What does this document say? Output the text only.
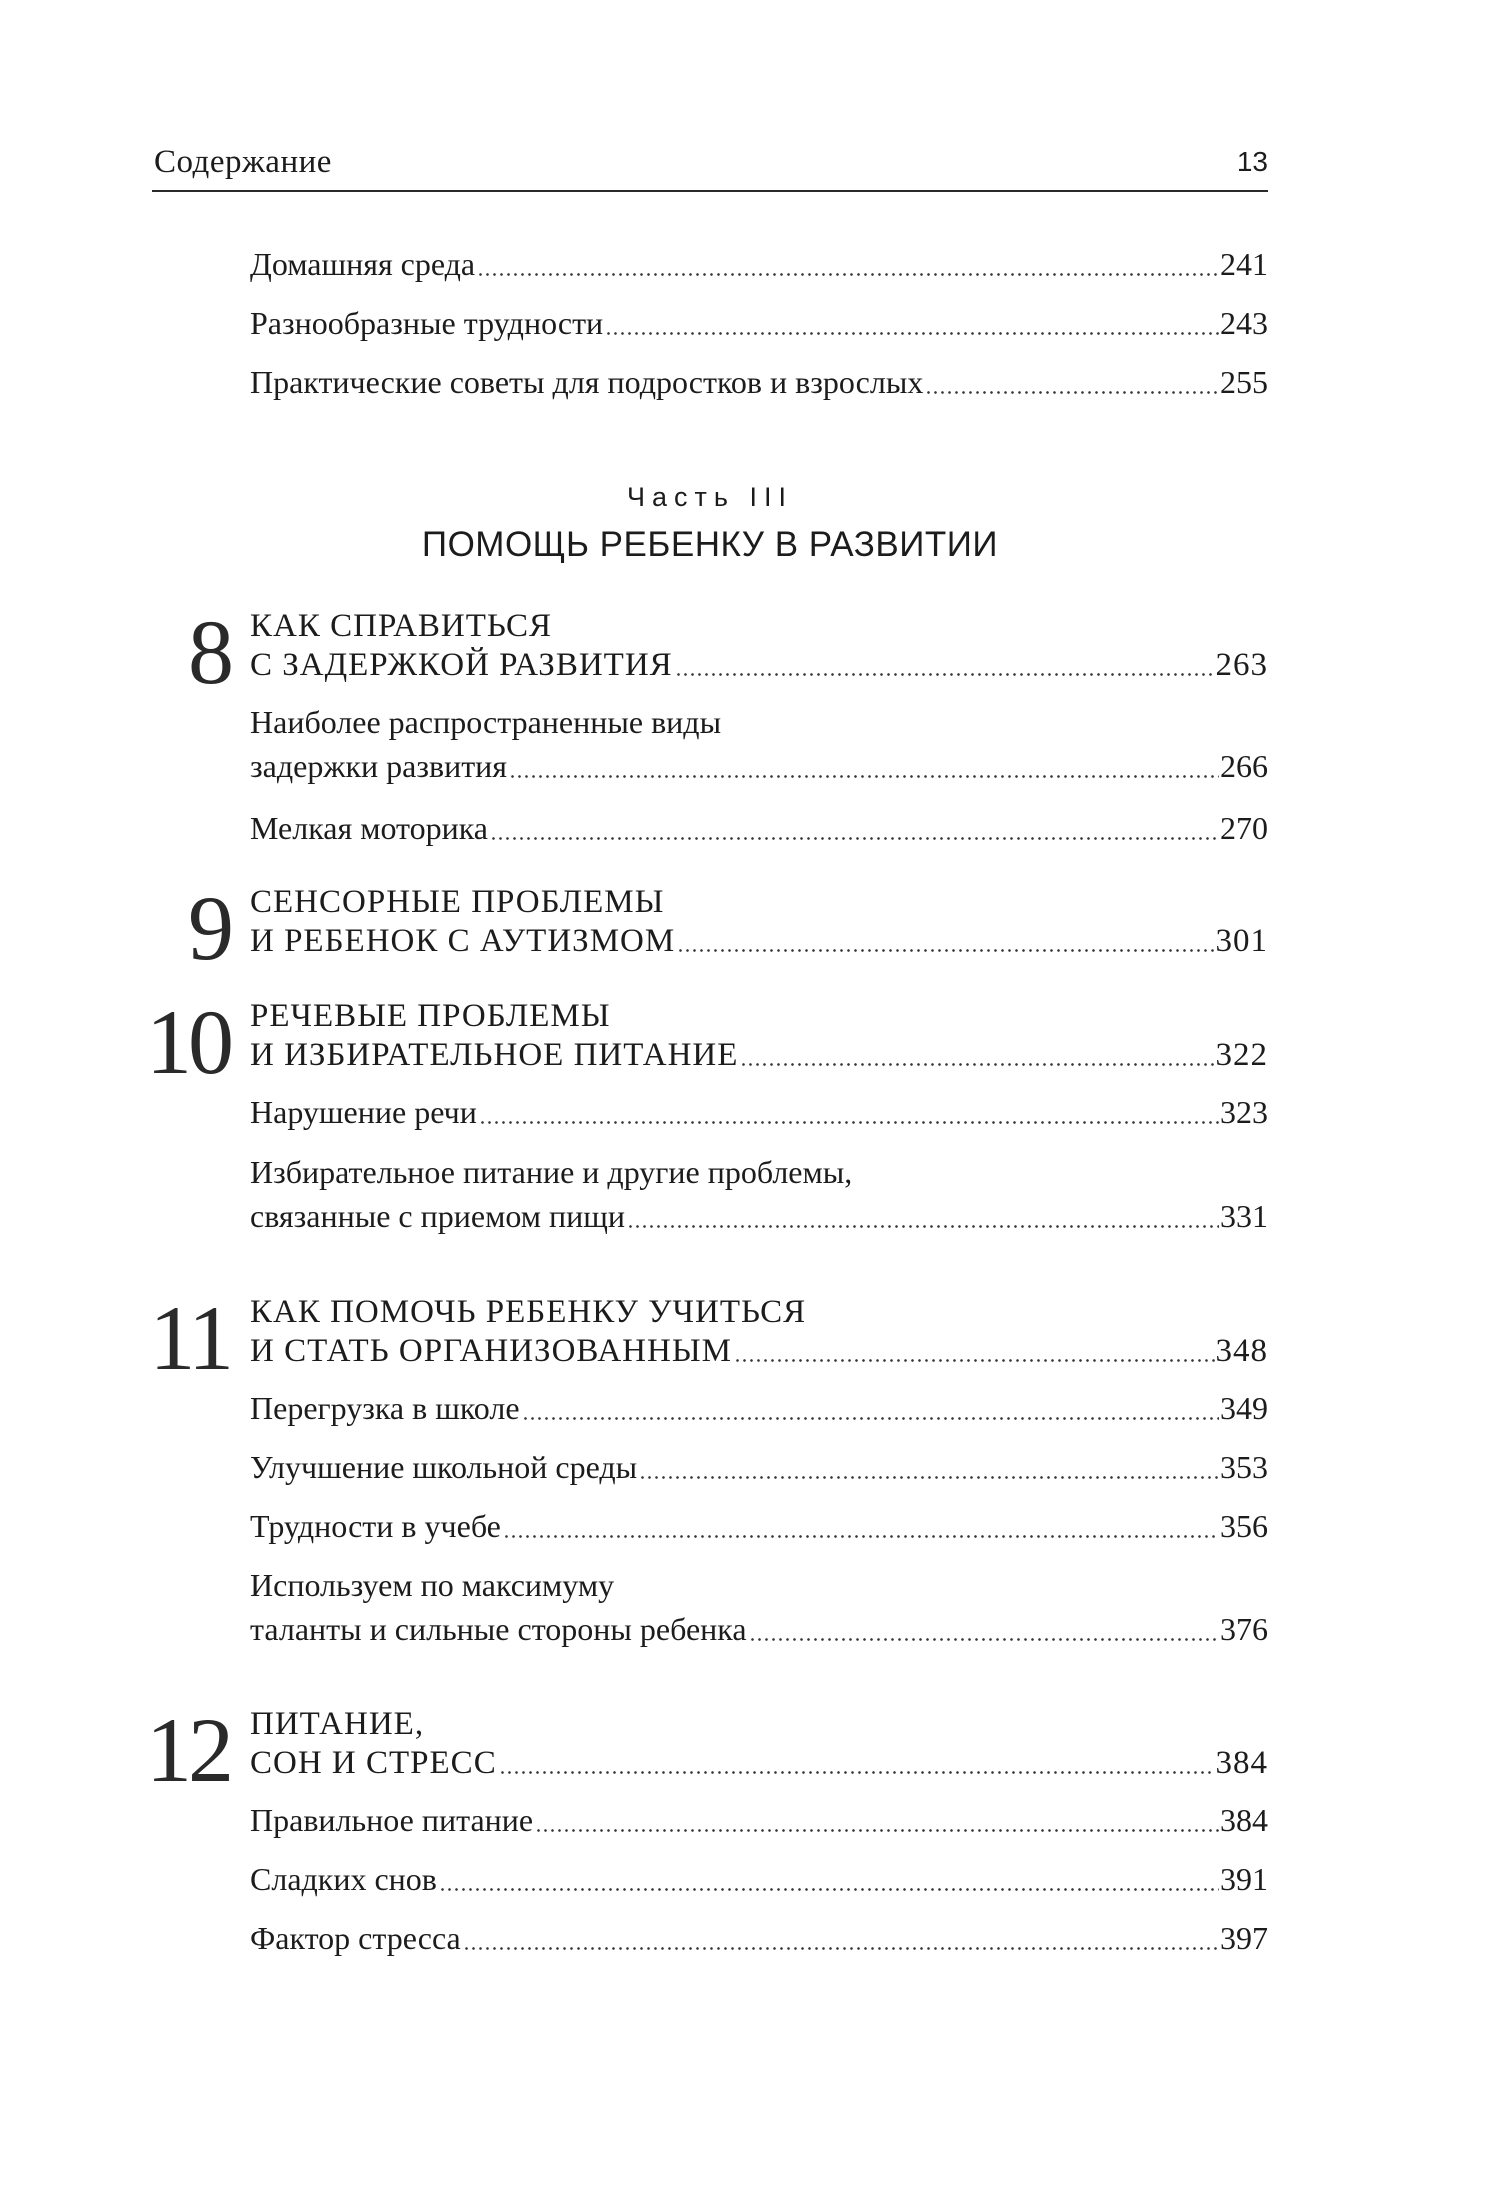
Содержание	13
Домашняя среда	241
Разнообразные трудности	243
Практические советы для подростков и взрослых	255
Часть III
ПОМОЩЬ РЕБЕНКУ В РАЗВИТИИ
8 КАК СПРАВИТЬСЯ
С ЗАДЕРЖКОЙ РАЗВИТИЯ	263
Наиболее распространенные виды
задержки развития	266
Мелкая моторика	270
9 СЕНСОРНЫЕ ПРОБЛЕМЫ
И РЕБЕНОК С АУТИЗМОМ	301
10 РЕЧЕВЫЕ ПРОБЛЕМЫ
И ИЗБИРАТЕЛЬНОЕ ПИТАНИЕ	322
Нарушение речи	323
Избирательное питание и другие проблемы,
связанные с приемом пищи	331
11 КАК ПОМОЧЬ РЕБЕНКУ УЧИТЬСЯ
И СТАТЬ ОРГАНИЗОВАННЫМ	348
Перегрузка в школе	349
Улучшение школьной среды	353
Трудности в учебе	356
Используем по максимуму
таланты и сильные стороны ребенка	376
12 ПИТАНИЕ,
СОН И СТРЕСС	384
Правильное питание	384
Сладких снов	391
Фактор стресса	397
